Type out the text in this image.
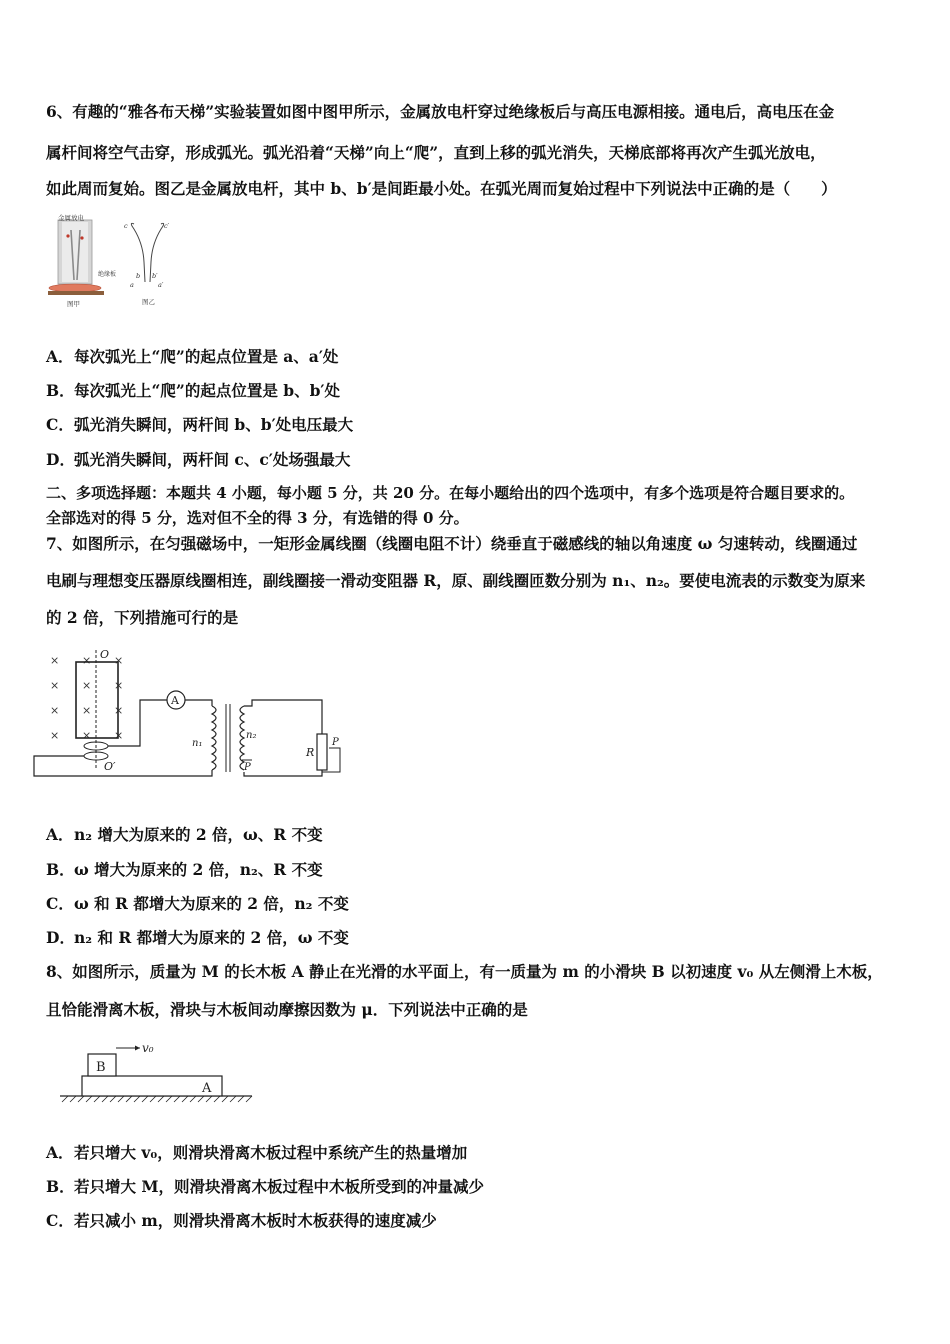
6、有趣的“雅各布天梯”实验装置如图中图甲所示，金属放电杆穿过绝缘板后与高压电源相接。通电后，高电压在金
属杆间将空气击穿，形成弧光。弧光沿着“天梯”向上“爬”，直到上移的弧光消失，天梯底部将再次产生弧光放电，
如此周而复始。图乙是金属放电杆，其中 b、b′是间距最小处。在弧光周而复始过程中下列说法中正确的是（　　）
金属放电
绝缘板
图甲
c	c′
b b′
a	a′
图乙
A．每次弧光上“爬”的起点位置是 a、a′处
B．每次弧光上“爬”的起点位置是 b、b′处
C．弧光消失瞬间，两杆间 b、b′处电压最大
D．弧光消失瞬间，两杆间 c、c′处场强最大
二、多项选择题：本题共 4 小题，每小题 5 分，共 20 分。在每小题给出的四个选项中，有多个选项是符合题目要求的。
全部选对的得 5 分，选对但不全的得 3 分，有选错的得 0 分。
7、如图所示，在匀强磁场中，一矩形金属线圈（线圈电阻不计）绕垂直于磁感线的轴以角速度 ω 匀速转动，线圈通过
电刷与理想变压器原线圈相连，副线圈接一滑动变阻器 R，原、副线圈匝数分别为 n₁、n₂。要使电流表的示数变为原来
的 2 倍，下列措施可行的是
×
×
×
×
×
×
×
×
×
×
×
×
O
O′
A
n₁
n₂
P
R
P
A．n₂ 增大为原来的 2 倍，ω、R 不变
B．ω 增大为原来的 2 倍，n₂、R 不变
C．ω 和 R 都增大为原来的 2 倍，n₂ 不变
D．n₂ 和 R 都增大为原来的 2 倍，ω 不变
8、如图所示，质量为 M 的长木板 A 静止在光滑的水平面上，有一质量为 m 的小滑块 B 以初速度 v₀ 从左侧滑上木板，
且恰能滑离木板，滑块与木板间动摩擦因数为 μ．下列说法中正确的是
A
B
v₀
A．若只增大 v₀，则滑块滑离木板过程中系统产生的热量增加
B．若只增大 M，则滑块滑离木板过程中木板所受到的冲量减少
C．若只减小 m，则滑块滑离木板时木板获得的速度减少
